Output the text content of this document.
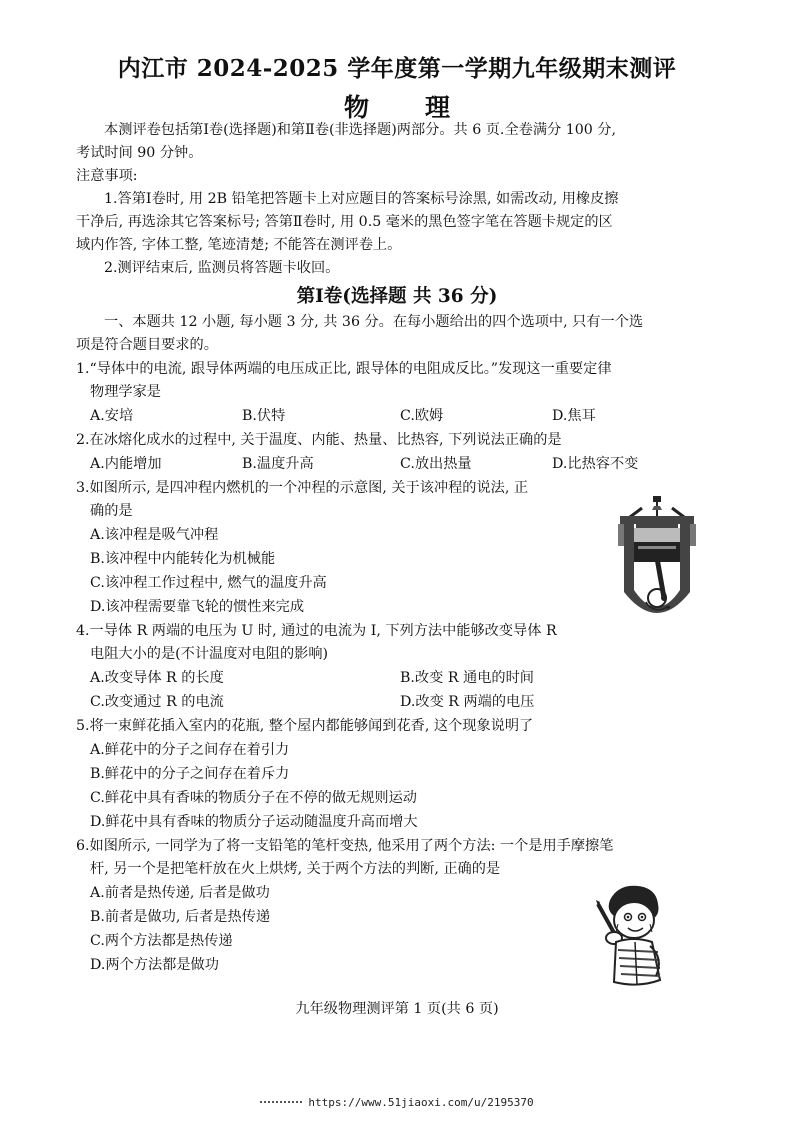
内江市 2024-2025 学年度第一学期九年级期末测评
物 理
本测评卷包括第Ⅰ卷(选择题)和第Ⅱ卷(非选择题)两部分。共 6 页.全卷满分 100 分,
考试时间 90 分钟。
注意事项:
1.答第Ⅰ卷时, 用 2B 铅笔把答题卡上对应题目的答案标号涂黑, 如需改动, 用橡皮擦
干净后, 再选涂其它答案标号; 答第Ⅱ卷时, 用 0.5 毫米的黑色签字笔在答题卡规定的区
域内作答, 字体工整, 笔迹清楚; 不能答在测评卷上。
2.测评结束后, 监测员将答题卡收回。
第Ⅰ卷(选择题 共 36 分)
一、本题共 12 小题, 每小题 3 分, 共 36 分。在每小题给出的四个选项中, 只有一个选
项是符合题目要求的。
1.“导体中的电流, 跟导体两端的电压成正比, 跟导体的电阻成反比。”发现这一重要定律
物理学家是
A.安培	B.伏特	C.欧姆	D.焦耳
2.在冰熔化成水的过程中, 关于温度、内能、热量、比热容, 下列说法正确的是
A.内能增加	B.温度升高	C.放出热量	D.比热容不变
3.如图所示, 是四冲程内燃机的一个冲程的示意图, 关于该冲程的说法, 正
确的是
A.该冲程是吸气冲程
B.该冲程中内能转化为机械能
C.该冲程工作过程中, 燃气的温度升高
D.该冲程需要靠飞轮的惯性来完成
4.一导体 R 两端的电压为 U 时, 通过的电流为 I, 下列方法中能够改变导体 R
电阻大小的是(不计温度对电阻的影响)
A.改变导体 R 的长度	B.改变 R 通电的时间
C.改变通过 R 的电流	D.改变 R 两端的电压
5.将一束鲜花插入室内的花瓶, 整个屋内都能够闻到花香, 这个现象说明了
A.鲜花中的分子之间存在着引力
B.鲜花中的分子之间存在着斥力
C.鲜花中具有香味的物质分子在不停的做无规则运动
D.鲜花中具有香味的物质分子运动随温度升高而增大
6.如图所示, 一同学为了将一支铅笔的笔杆变热, 他采用了两个方法: 一个是用手摩擦笔
杆, 另一个是把笔杆放在火上烘烤, 关于两个方法的判断, 正确的是
A.前者是热传递, 后者是做功
B.前者是做功, 后者是热传递
C.两个方法都是热传递
D.两个方法都是做功
九年级物理测评第 1 页(共 6 页)
https://www.51jiaoxi.com/u/2195370
